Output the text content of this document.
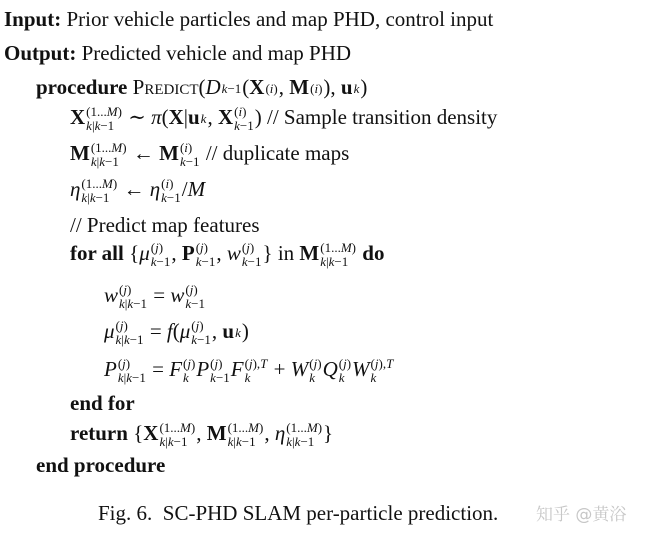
Input: Prior vehicle particles and map PHD, control input
Output: Predicted vehicle and map PHD
procedure Predict(D k−1 (X (i) , M (i) ), u k )
X (1...M)
k|k−1 ∼ π(X|u k , X (i)
k−1 ) // Sample transition density
M (1...M)
k|k−1 ← M (i)
k−1 // duplicate maps
η (1...M)
k|k−1 ← η (i)
k−1 /M
// Predict map features
for all {μ (j)
k−1 , P (j)
k−1 , w (j)
k−1 } in M (1...M)
k|k−1 do
w (j)
k|k−1 = w (j)
k−1
μ (j)
k|k−1 = f(μ (j)
k−1 , u k )
P (j)
k|k−1 = F (j)
k P (j)
k−1 F (j),T
k + W (j)
k Q (j)
k W (j),T
k
end for
return {X (1...M)
k|k−1 , M (1...M)
k|k−1 , η (1...M)
k|k−1 }
end procedure
Fig. 6. SC-PHD SLAM per-particle prediction. 知乎 @黄浴
